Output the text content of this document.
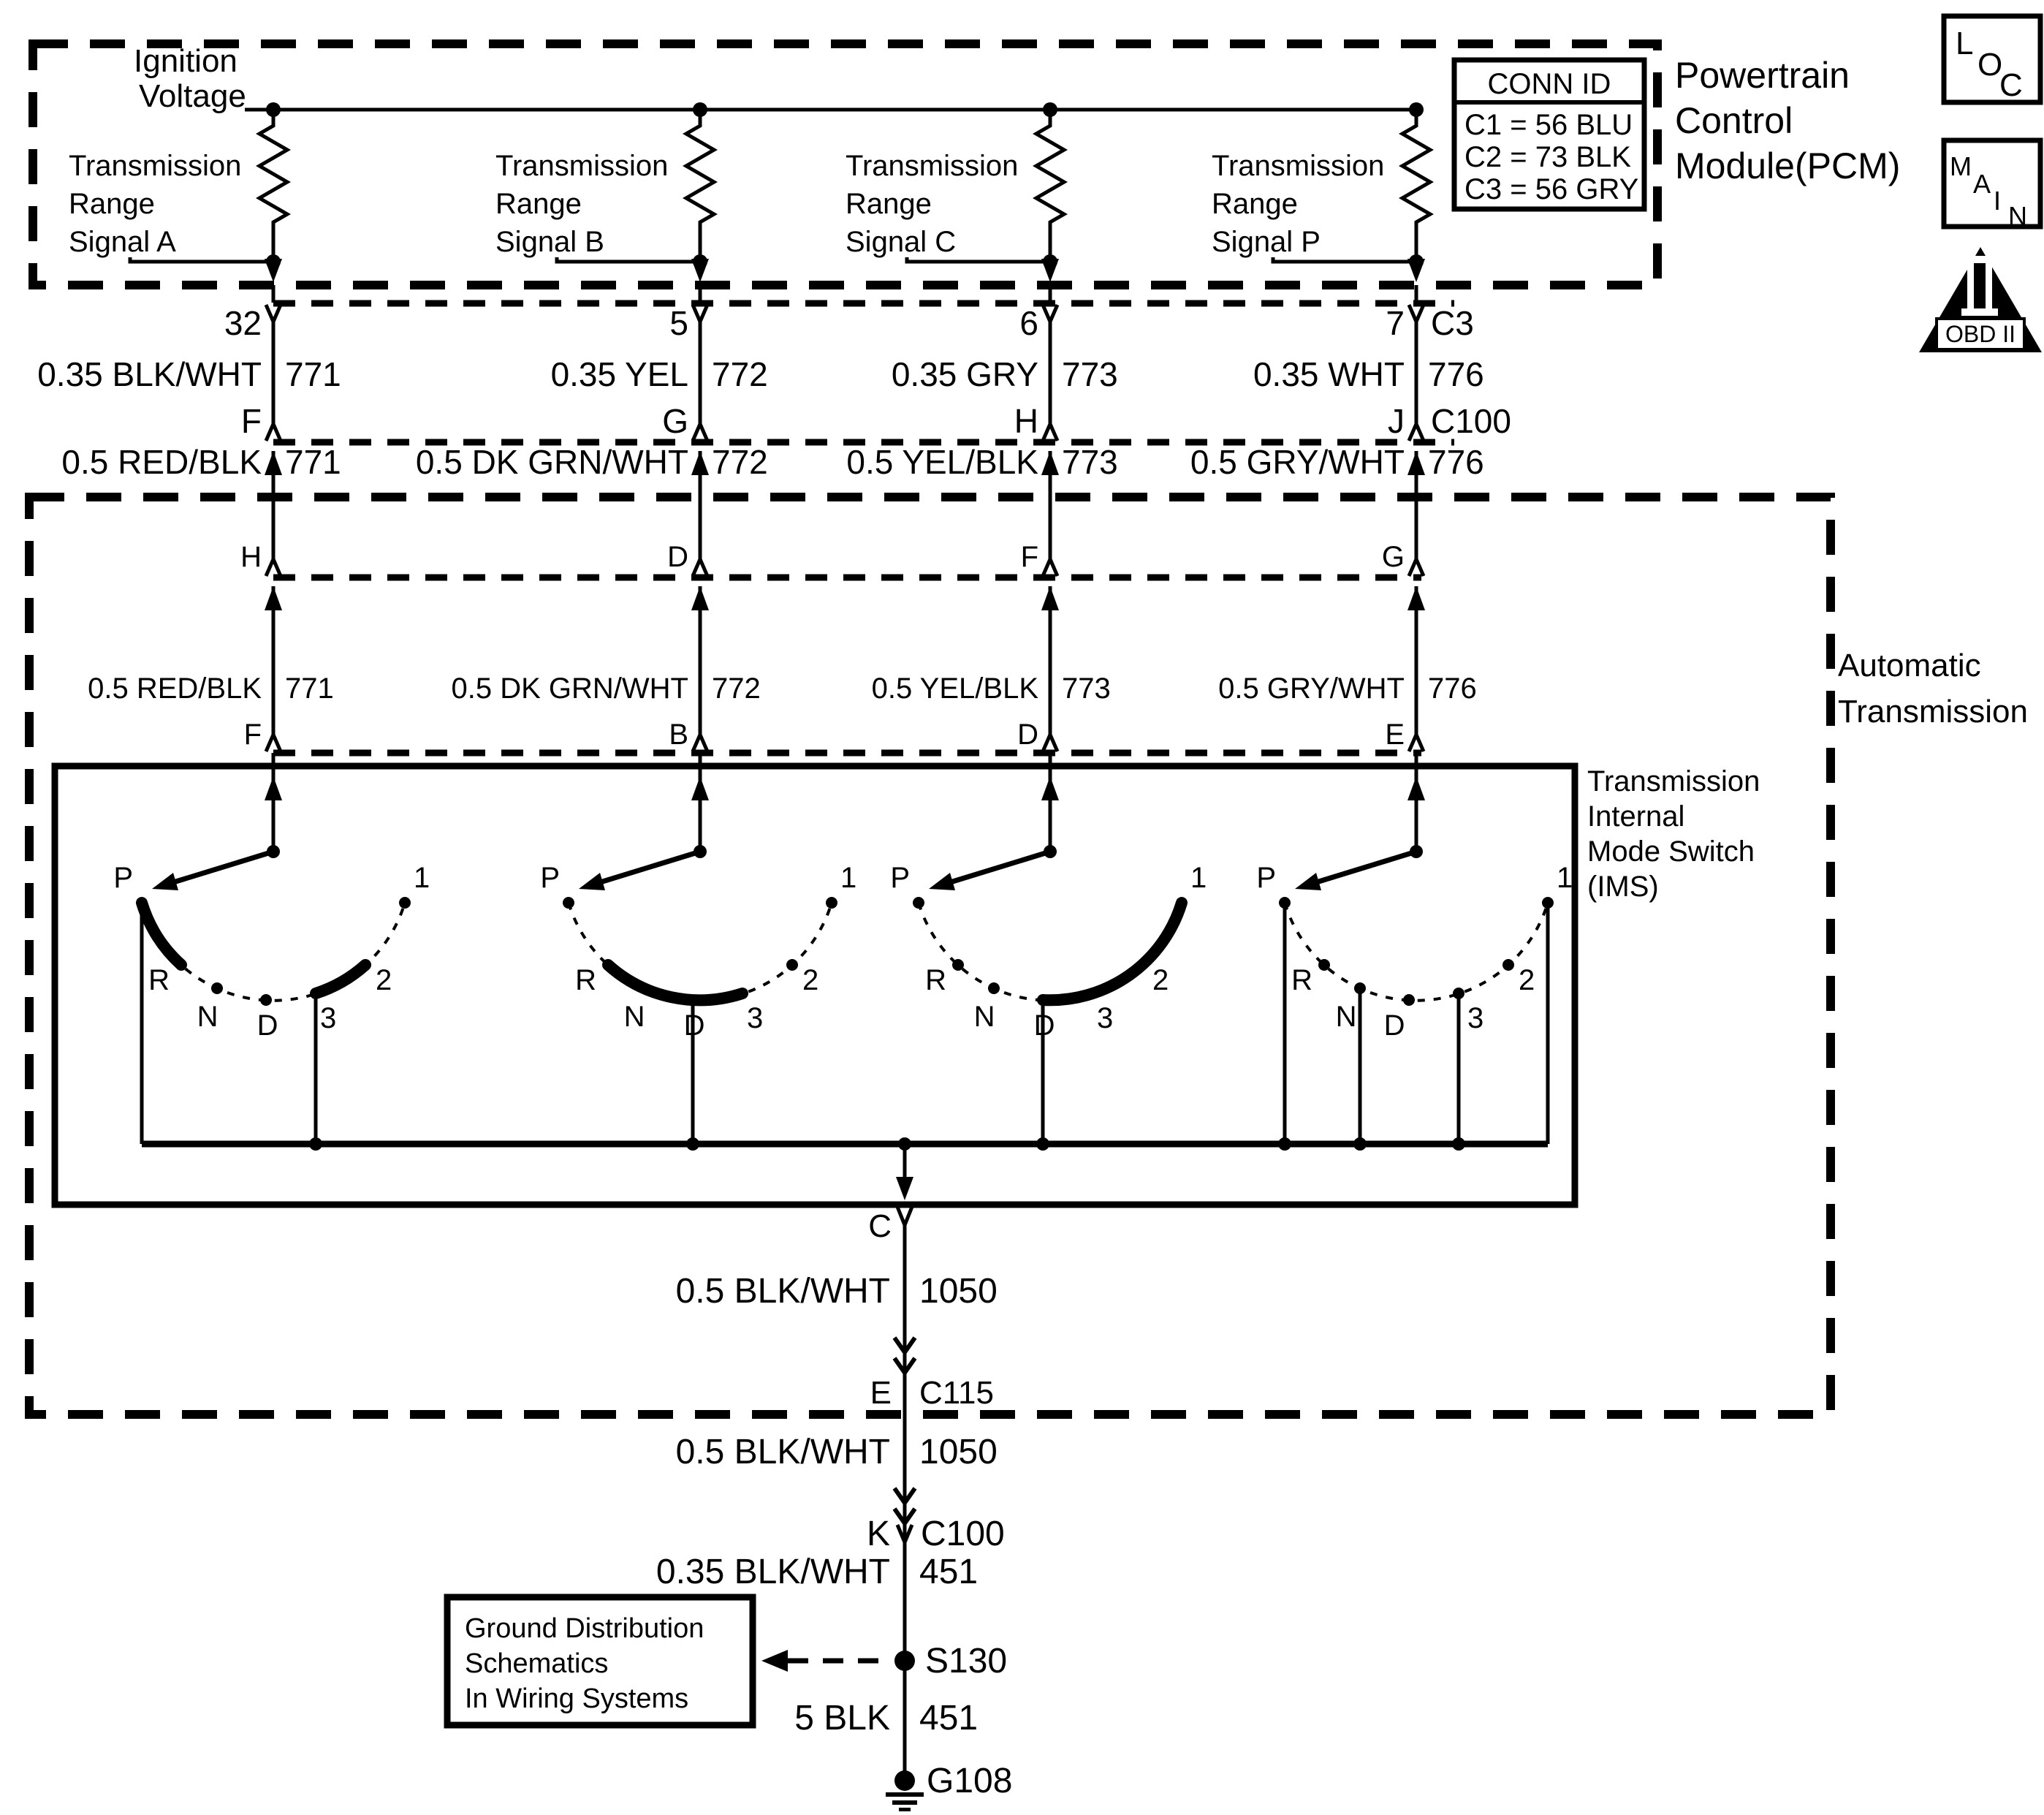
Ignition
Voltage	CONN ID
C1 = 56 BLU
C2 = 73 BLK
C3 = 56 GRY
Powertrain
Control
Module(PCM)
L
O
C
M
A
I
N
OBD II
Transmission
Range
Signal A
32
0.35 BLK/WHT 771
F
0.5 RED/BLK 771
H
0.5 RED/BLK 771
F
P
R
N D 3
2
1
Transmission
Range
Signal B
5
0.35 YEL 772
G
0.5 DK GRN/WHT 772
D
0.5 DK GRN/WHT 772
B
P
R
N D 3
2
1
Transmission
Range
Signal C
6
0.35 GRY 773
H
0.5 YEL/BLK 773
F
0.5 YEL/BLK 773
D
P
R
N D 3
2
1
Transmission
Range
Signal P
7 C3
0.35 WHT 776
J C100
0.5 GRY/WHT 776
G
0.5 GRY/WHT 776
E
P
R
N D 3
2
1
Automatic
Transmission
Transmission
Internal
Mode Switch
(IMS)
C
0.5 BLK/WHT 1050
E C115
0.5 BLK/WHT 1050
K C100
0.35 BLK/WHT 451
S130
5 BLK 451
G108
Ground Distribution
Schematics
In Wiring Systems
